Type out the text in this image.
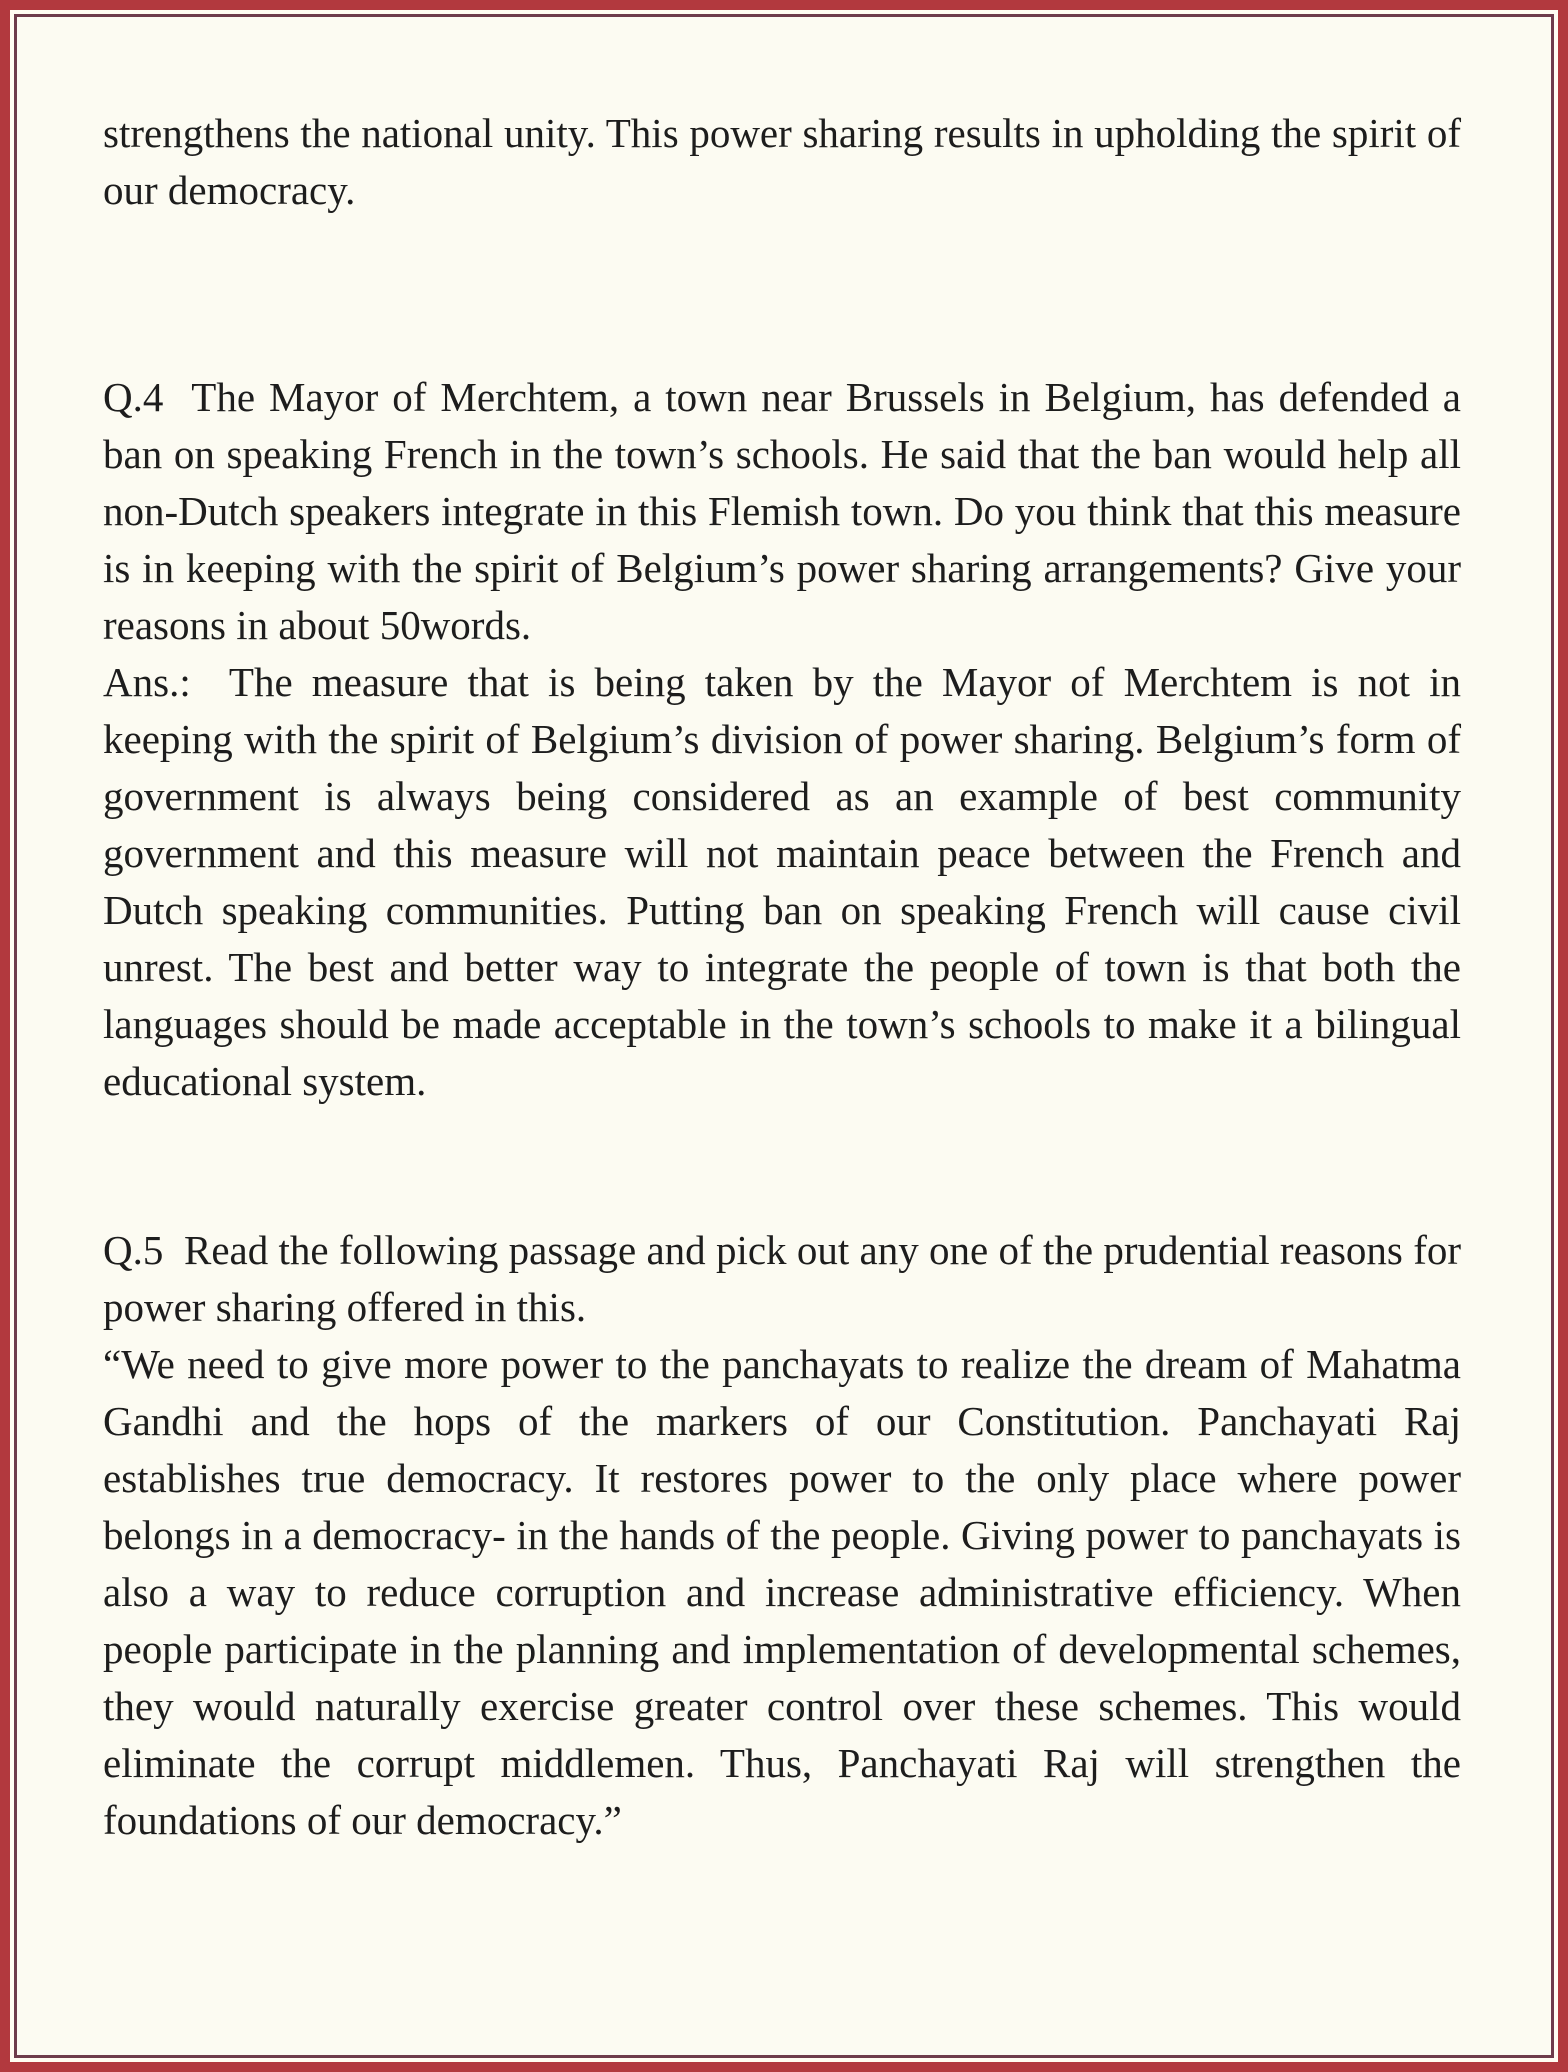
strengthens the national unity. This power sharing results in upholding the spirit of our democracy.

Q.4  The Mayor of Merchtem, a town near Brussels in Belgium, has defended a ban on speaking French in the town’s schools. He said that the ban would help all non-Dutch speakers integrate in this Flemish town. Do you think that this measure is in keeping with the spirit of Belgium’s power sharing arrangements? Give your reasons in about 50words.

Ans.:  The measure that is being taken by the Mayor of Merchtem is not in keeping with the spirit of Belgium’s division of power sharing. Belgium’s form of government is always being considered as an example of best community government and this measure will not maintain peace between the French and Dutch speaking communities. Putting ban on speaking French will cause civil unrest. The best and better way to integrate the people of town is that both the languages should be made acceptable in the town’s schools to make it a bilingual educational system.

Q.5  Read the following passage and pick out any one of the prudential reasons for power sharing offered in this.

“We need to give more power to the panchayats to realize the dream of Mahatma Gandhi and the hops of the markers of our Constitution. Panchayati Raj establishes true democracy. It restores power to the only place where power belongs in a democracy- in the hands of the people. Giving power to panchayats is also a way to reduce corruption and increase administrative efficiency. When people participate in the planning and implementation of developmental schemes, they would naturally exercise greater control over these schemes. This would eliminate the corrupt middlemen. Thus, Panchayati Raj will strengthen the foundations of our democracy.”
